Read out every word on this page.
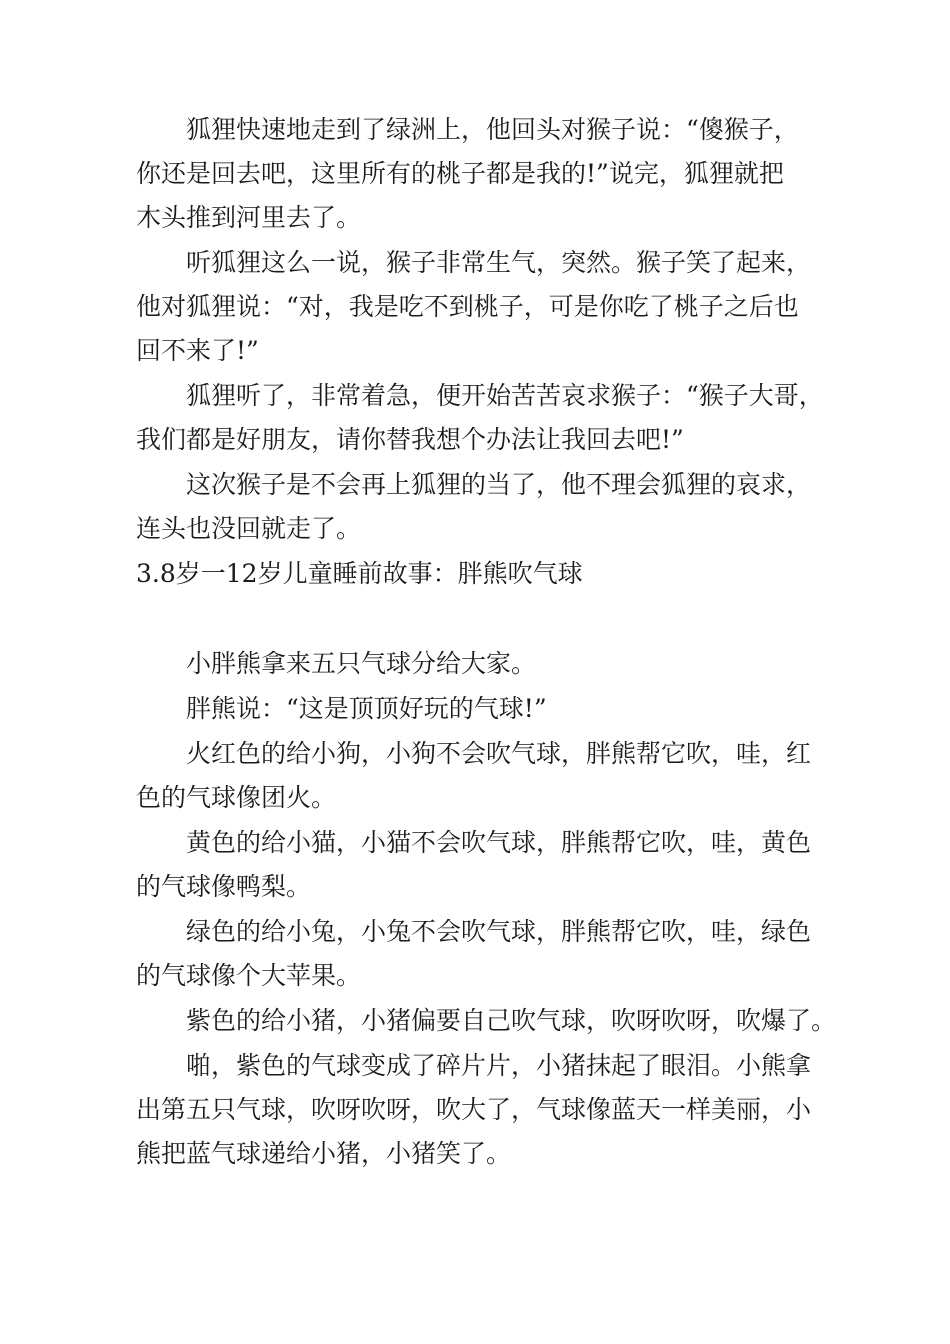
狐狸快速地走到了绿洲上，他回头对猴子说：“傻猴子，
你还是回去吧，这里所有的桃子都是我的!”说完，狐狸就把
木头推到河里去了。

听狐狸这么一说，猴子非常生气，突然。猴子笑了起来，
他对狐狸说：“对，我是吃不到桃子，可是你吃了桃子之后也
回不来了!”

狐狸听了，非常着急，便开始苦苦哀求猴子：“猴子大哥，
我们都是好朋友，请你替我想个办法让我回去吧!”

这次猴子是不会再上狐狸的当了，他不理会狐狸的哀求，
连头也没回就走了。

3.8岁一12岁儿童睡前故事：胖熊吹气球

小胖熊拿来五只气球分给大家。

胖熊说：“这是顶顶好玩的气球!”

火红色的给小狗，小狗不会吹气球，胖熊帮它吹，哇，红
色的气球像团火。

黄色的给小猫，小猫不会吹气球，胖熊帮它吹，哇，黄色
的气球像鸭梨。

绿色的给小兔，小兔不会吹气球，胖熊帮它吹，哇，绿色
的气球像个大苹果。

紫色的给小猪，小猪偏要自己吹气球，吹呀吹呀，吹爆了。

啪，紫色的气球变成了碎片片，小猪抹起了眼泪。小熊拿
出第五只气球，吹呀吹呀，吹大了，气球像蓝天一样美丽，小
熊把蓝气球递给小猪，小猪笑了。
